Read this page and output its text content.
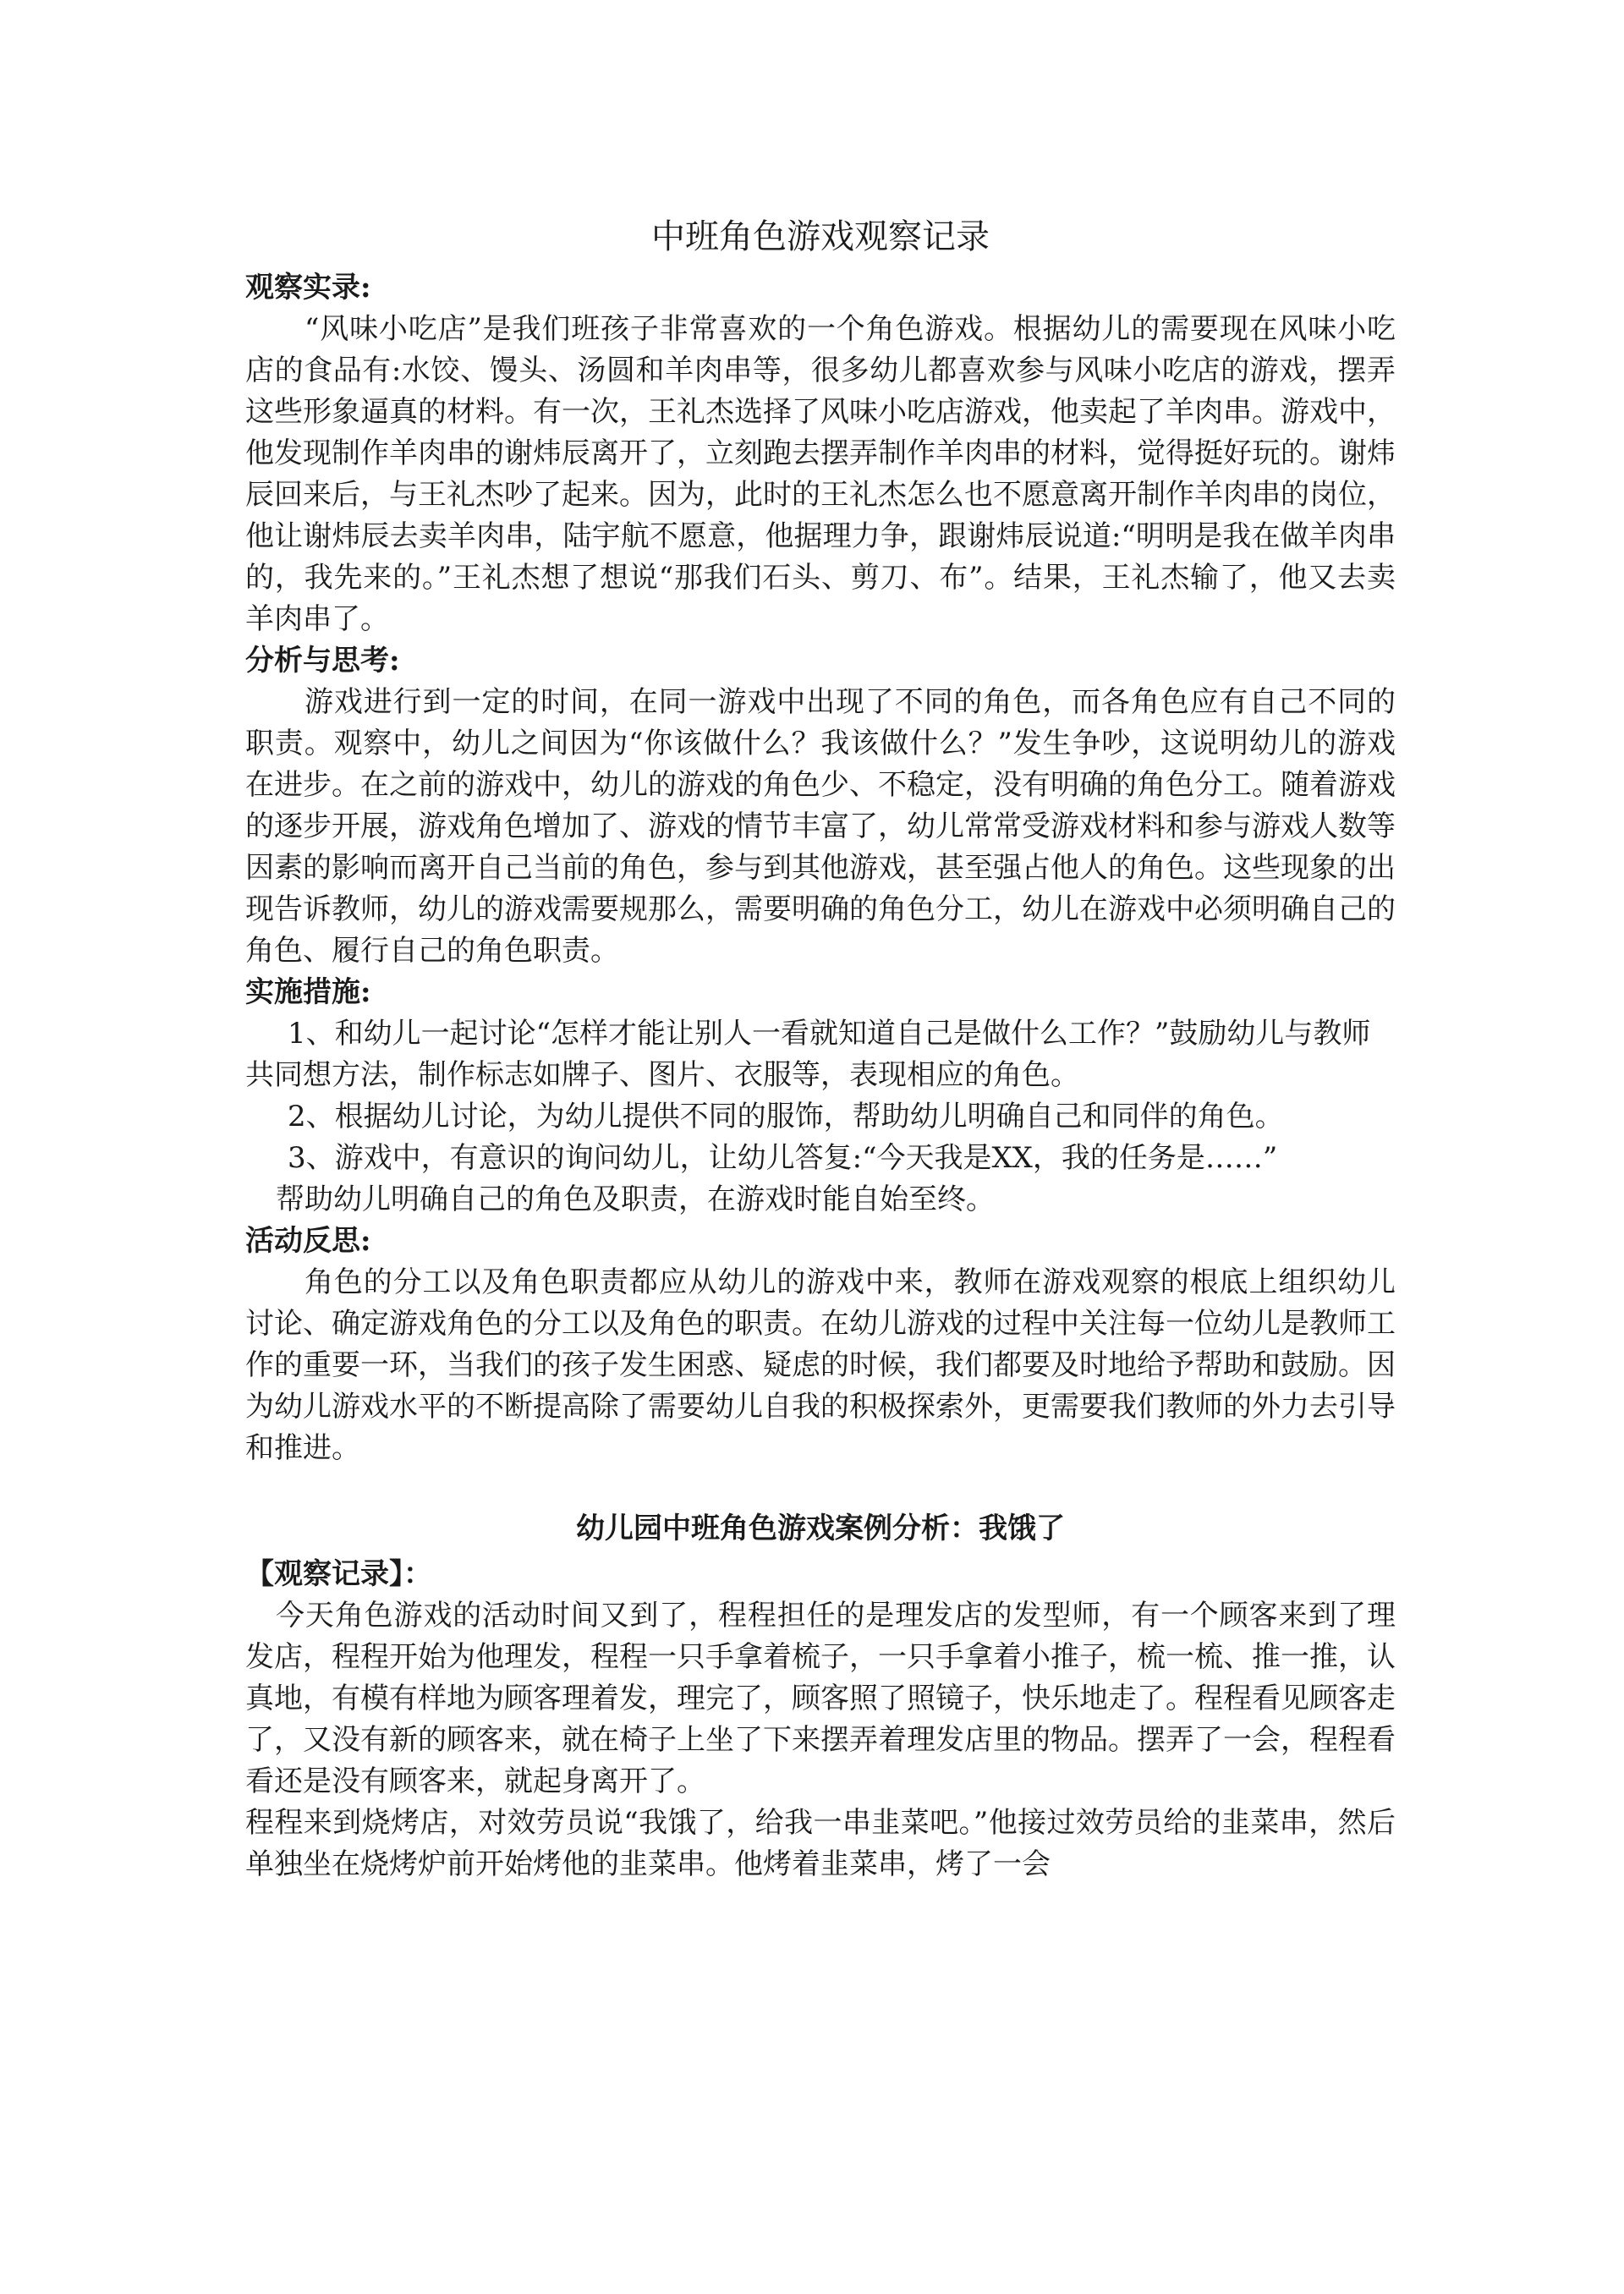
中班角色游戏观察记录

观察实录:

“风味小吃店”是我们班孩子非常喜欢的一个角色游戏。根据幼儿的需要现在风味小吃店的食品有:水饺、馒头、汤圆和羊肉串等，很多幼儿都喜欢参与风味小吃店的游戏，摆弄这些形象逼真的材料。有一次，王礼杰选择了风味小吃店游戏，他卖起了羊肉串。游戏中，他发现制作羊肉串的谢炜辰离开了，立刻跑去摆弄制作羊肉串的材料，觉得挺好玩的。谢炜辰回来后，与王礼杰吵了起来。因为，此时的王礼杰怎么也不愿意离开制作羊肉串的岗位，他让谢炜辰去卖羊肉串，陆宇航不愿意，他据理力争，跟谢炜辰说道:“明明是我在做羊肉串的，我先来的。”王礼杰想了想说“那我们石头、剪刀、布”。结果，王礼杰输了，他又去卖羊肉串了。

分析与思考:

游戏进行到一定的时间，在同一游戏中出现了不同的角色，而各角色应有自己不同的职责。观察中，幼儿之间因为“你该做什么？我该做什么？”发生争吵，这说明幼儿的游戏在进步。在之前的游戏中，幼儿的游戏的角色少、不稳定，没有明确的角色分工。随着游戏的逐步开展，游戏角色增加了、游戏的情节丰富了，幼儿常常受游戏材料和参与游戏人数等因素的影响而离开自己当前的角色，参与到其他游戏，甚至强占他人的角色。这些现象的出现告诉教师，幼儿的游戏需要规那么，需要明确的角色分工，幼儿在游戏中必须明确自己的角色、履行自己的角色职责。

实施措施:

1、和幼儿一起讨论“怎样才能让别人一看就知道自己是做什么工作？”鼓励幼儿与教师共同想方法，制作标志如牌子、图片、衣服等，表现相应的角色。

2、根据幼儿讨论，为幼儿提供不同的服饰，帮助幼儿明确自己和同伴的角色。

3、游戏中，有意识的询问幼儿，让幼儿答复:“今天我是XX，我的任务是……”

帮助幼儿明确自己的角色及职责，在游戏时能自始至终。

活动反思:

角色的分工以及角色职责都应从幼儿的游戏中来，教师在游戏观察的根底上组织幼儿讨论、确定游戏角色的分工以及角色的职责。在幼儿游戏的过程中关注每一位幼儿是教师工作的重要一环，当我们的孩子发生困惑、疑虑的时候，我们都要及时地给予帮助和鼓励。因为幼儿游戏水平的不断提高除了需要幼儿自我的积极探索外，更需要我们教师的外力去引导和推进。

幼儿园中班角色游戏案例分析：我饿了

【观察记录】：

今天角色游戏的活动时间又到了，程程担任的是理发店的发型师，有一个顾客来到了理发店，程程开始为他理发，程程一只手拿着梳子，一只手拿着小推子，梳一梳、推一推，认真地，有模有样地为顾客理着发，理完了，顾客照了照镜子，快乐地走了。程程看见顾客走了，又没有新的顾客来，就在椅子上坐了下来摆弄着理发店里的物品。摆弄了一会，程程看看还是没有顾客来，就起身离开了。

程程来到烧烤店，对效劳员说“我饿了，给我一串韭菜吧。”他接过效劳员给的韭菜串，然后单独坐在烧烤炉前开始烤他的韭菜串。他烤着韭菜串，烤了一会
